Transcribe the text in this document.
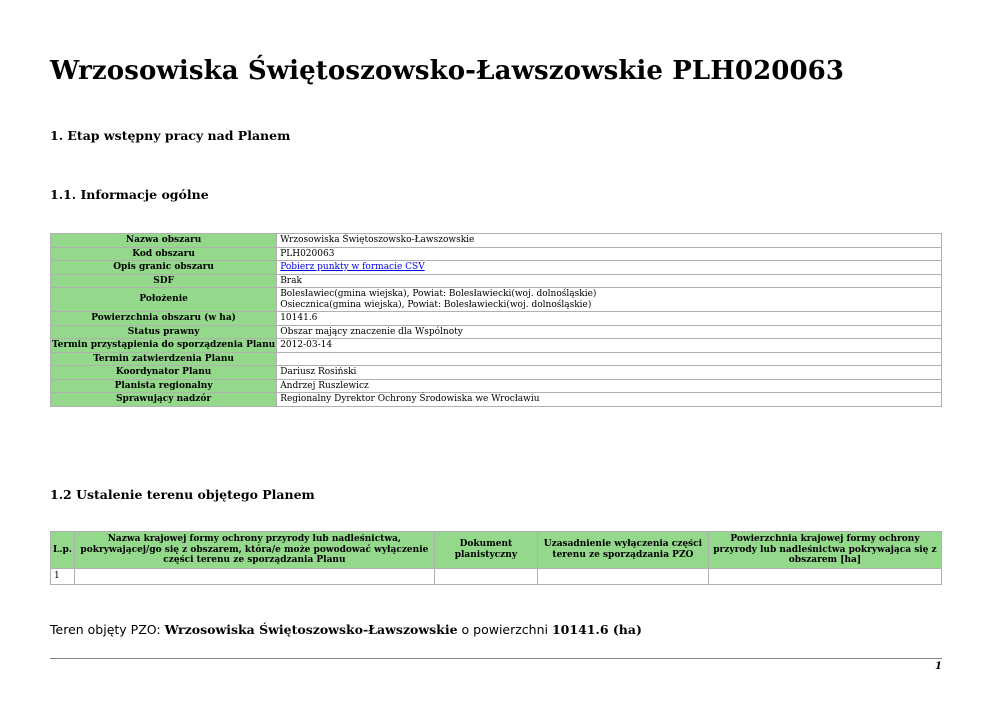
Wrzosowiska Świętoszowsko-Ławszowskie PLH020063
1. Etap wstępny pracy nad Planem
1.1. Informacje ogólne
Nazwa obszaru	Wrzosowiska Świętoszowsko-Ławszowskie
Kod obszaru	PLH020063
Opis granic obszaru	Pobierz punkty w formacie CSV
SDF	Brak
Położenie	Bolesławiec(gmina wiejska), Powiat: Bolesławiecki(woj. dolnośląskie)
Osiecznica(gmina wiejska), Powiat: Bolesławiecki(woj. dolnośląskie)

Powierzchnia obszaru (w ha)	10141.6
Status prawny	Obszar mający znaczenie dla Wspólnoty
Termin przystąpienia do sporządzenia Planu	2012-03-14
Termin zatwierdzenia Planu	
Koordynator Planu	Dariusz Rosiński
Planista regionalny	Andrzej Ruszlewicz
Sprawujący nadzór	Regionalny Dyrektor Ochrony Środowiska we Wrocławiu
1.2 Ustalenie terenu objętego Planem
L.p.	Nazwa krajowej formy ochrony przyrody lub nadleśnictwa, pokrywającej/go się z obszarem, która/e może powodować wyłączenie części terenu ze sporządzania Planu	Dokument planistyczny	Uzasadnienie wyłączenia części terenu ze sporządzania PZO	Powierzchnia krajowej formy ochrony przyrody lub nadleśnictwa pokrywająca się z obszarem [ha]
1				
Teren objęty PZO: Wrzosowiska Świętoszowsko-Ławszowskie o powierzchni 10141.6 (ha)
1
